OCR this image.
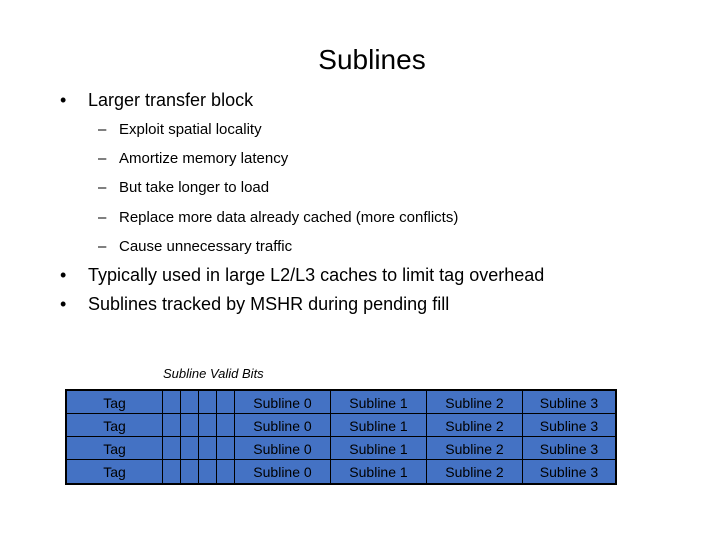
Sublines
• Larger transfer block
– Exploit spatial locality
– Amortize memory latency
– But take longer to load
– Replace more data already cached (more conflicts)
– Cause unnecessary traffic
• Typically used in large L2/L3 caches to limit tag overhead
• Sublines tracked by MSHR during pending fill
Subline Valid Bits
Tag	Subline 0	Subline 1	Subline 2	Subline 3
Tag	Subline 0	Subline 1	Subline 2	Subline 3
Tag	Subline 0	Subline 1	Subline 2	Subline 3
Tag	Subline 0	Subline 1	Subline 2	Subline 3
